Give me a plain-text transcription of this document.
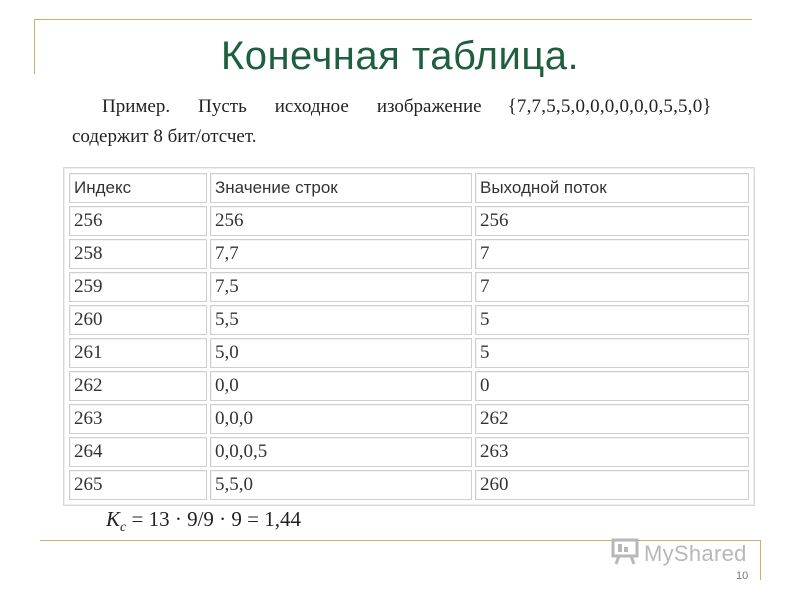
Конечная таблица.
Пример. Пусть исходное изображение {7,7,5,5,0,0,0,0,0,0,5,5,0}
содержит 8 бит/отсчет.
Индекс	Значение строк	Выходной поток
256	256	256
258	7,7	7
259	7,5	7
260	5,5	5
261	5,0	5
262	0,0	0
263	0,0,0	262
264	0,0,0,5	263
265	5,5,0	260
$K_c = 13 \cdot 9/9 \cdot 9 = 1,44$
MyShared
10
